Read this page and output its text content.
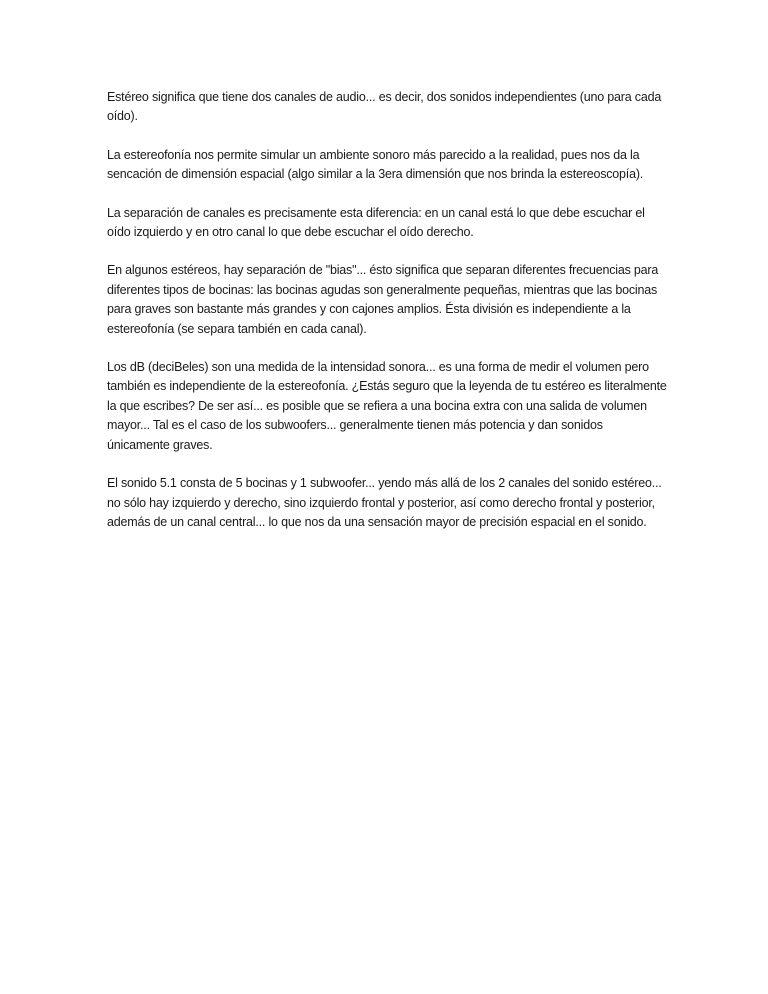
Estéreo significa que tiene dos canales de audio... es decir, dos sonidos independientes (uno para cada oído).

La estereofonía nos permite simular un ambiente sonoro más parecido a la realidad, pues nos da la sencación de dimensión espacial (algo similar a la 3era dimensión que nos brinda la estereoscopía).

La separación de canales es precisamente esta diferencia: en un canal está lo que debe escuchar el oído izquierdo y en otro canal lo que debe escuchar el oído derecho.

En algunos estéreos, hay separación de "bias"... ésto significa que separan diferentes frecuencias para diferentes tipos de bocinas: las bocinas agudas son generalmente pequeñas, mientras que las bocinas para graves son bastante más grandes y con cajones amplios. Ésta división es independiente a la estereofonía (se separa también en cada canal).

Los dB (deciBeles) son una medida de la intensidad sonora... es una forma de medir el volumen pero también es independiente de la estereofonía. ¿Estás seguro que la leyenda de tu estéreo es literalmente la que escribes? De ser así... es posible que se refiera a una bocina extra con una salida de volumen mayor... Tal es el caso de los subwoofers... generalmente tienen más potencia y dan sonidos únicamente graves.

El sonido 5.1 consta de 5 bocinas y 1 subwoofer... yendo más allá de los 2 canales del sonido estéreo... no sólo hay izquierdo y derecho, sino izquierdo frontal y posterior, así como derecho frontal y posterior, además de un canal central... lo que nos da una sensación mayor de precisión espacial en el sonido.
